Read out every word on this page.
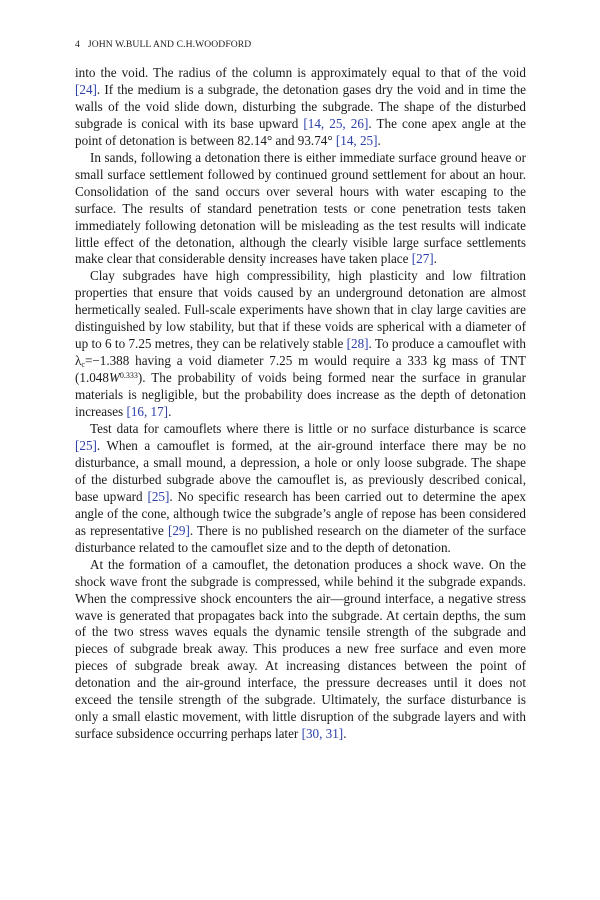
4 JOHN W.BULL AND C.H.WOODFORD

into the void. The radius of the column is approximately equal to that of the void [24]. If the medium is a subgrade, the detonation gases dry the void and in time the walls of the void slide down, disturbing the subgrade. The shape of the disturbed subgrade is conical with its base upward [14, 25, 26]. The cone apex angle at the point of detonation is between 82.14° and 93.74° [14, 25].

In sands, following a detonation there is either immediate surface ground heave or small surface settlement followed by continued ground settlement for about an hour. Consolidation of the sand occurs over several hours with water escaping to the surface. The results of standard penetration tests or cone penetration tests taken immediately following detonation will be misleading as the test results will indicate little effect of the detonation, although the clearly visible large surface settlements make clear that considerable density increases have taken place [27].

Clay subgrades have high compressibility, high plasticity and low filtration properties that ensure that voids caused by an underground detonation are almost hermetically sealed. Full-scale experiments have shown that in clay large cavities are distinguished by low stability, but that if these voids are spherical with a diameter of up to 6 to 7.25 metres, they can be relatively stable [28]. To produce a camouflet with $\lambda_c=-1.388$ having a void diameter 7.25 m would require a 333 kg mass of TNT $(1.048W^{0.333})$. The probability of voids being formed near the surface in granular materials is negligible, but the probability does increase as the depth of detonation increases [16, 17].

Test data for camouflets where there is little or no surface disturbance is scarce [25]. When a camouflet is formed, at the air-ground interface there may be no disturbance, a small mound, a depression, a hole or only loose subgrade. The shape of the disturbed subgrade above the camouflet is, as previously described conical, base upward [25]. No specific research has been carried out to determine the apex angle of the cone, although twice the subgrade’s angle of repose has been considered as representative [29]. There is no published research on the diameter of the surface disturbance related to the camouflet size and to the depth of detonation.

At the formation of a camouflet, the detonation produces a shock wave. On the shock wave front the subgrade is compressed, while behind it the subgrade expands. When the compressive shock encounters the air—ground interface, a negative stress wave is generated that propagates back into the subgrade. At certain depths, the sum of the two stress waves equals the dynamic tensile strength of the subgrade and pieces of subgrade break away. This produces a new free surface and even more pieces of subgrade break away. At increasing distances between the point of detonation and the air-ground interface, the pressure decreases until it does not exceed the tensile strength of the subgrade. Ultimately, the surface disturbance is only a small elastic movement, with little disruption of the subgrade layers and with surface subsidence occurring perhaps later [30, 31].
